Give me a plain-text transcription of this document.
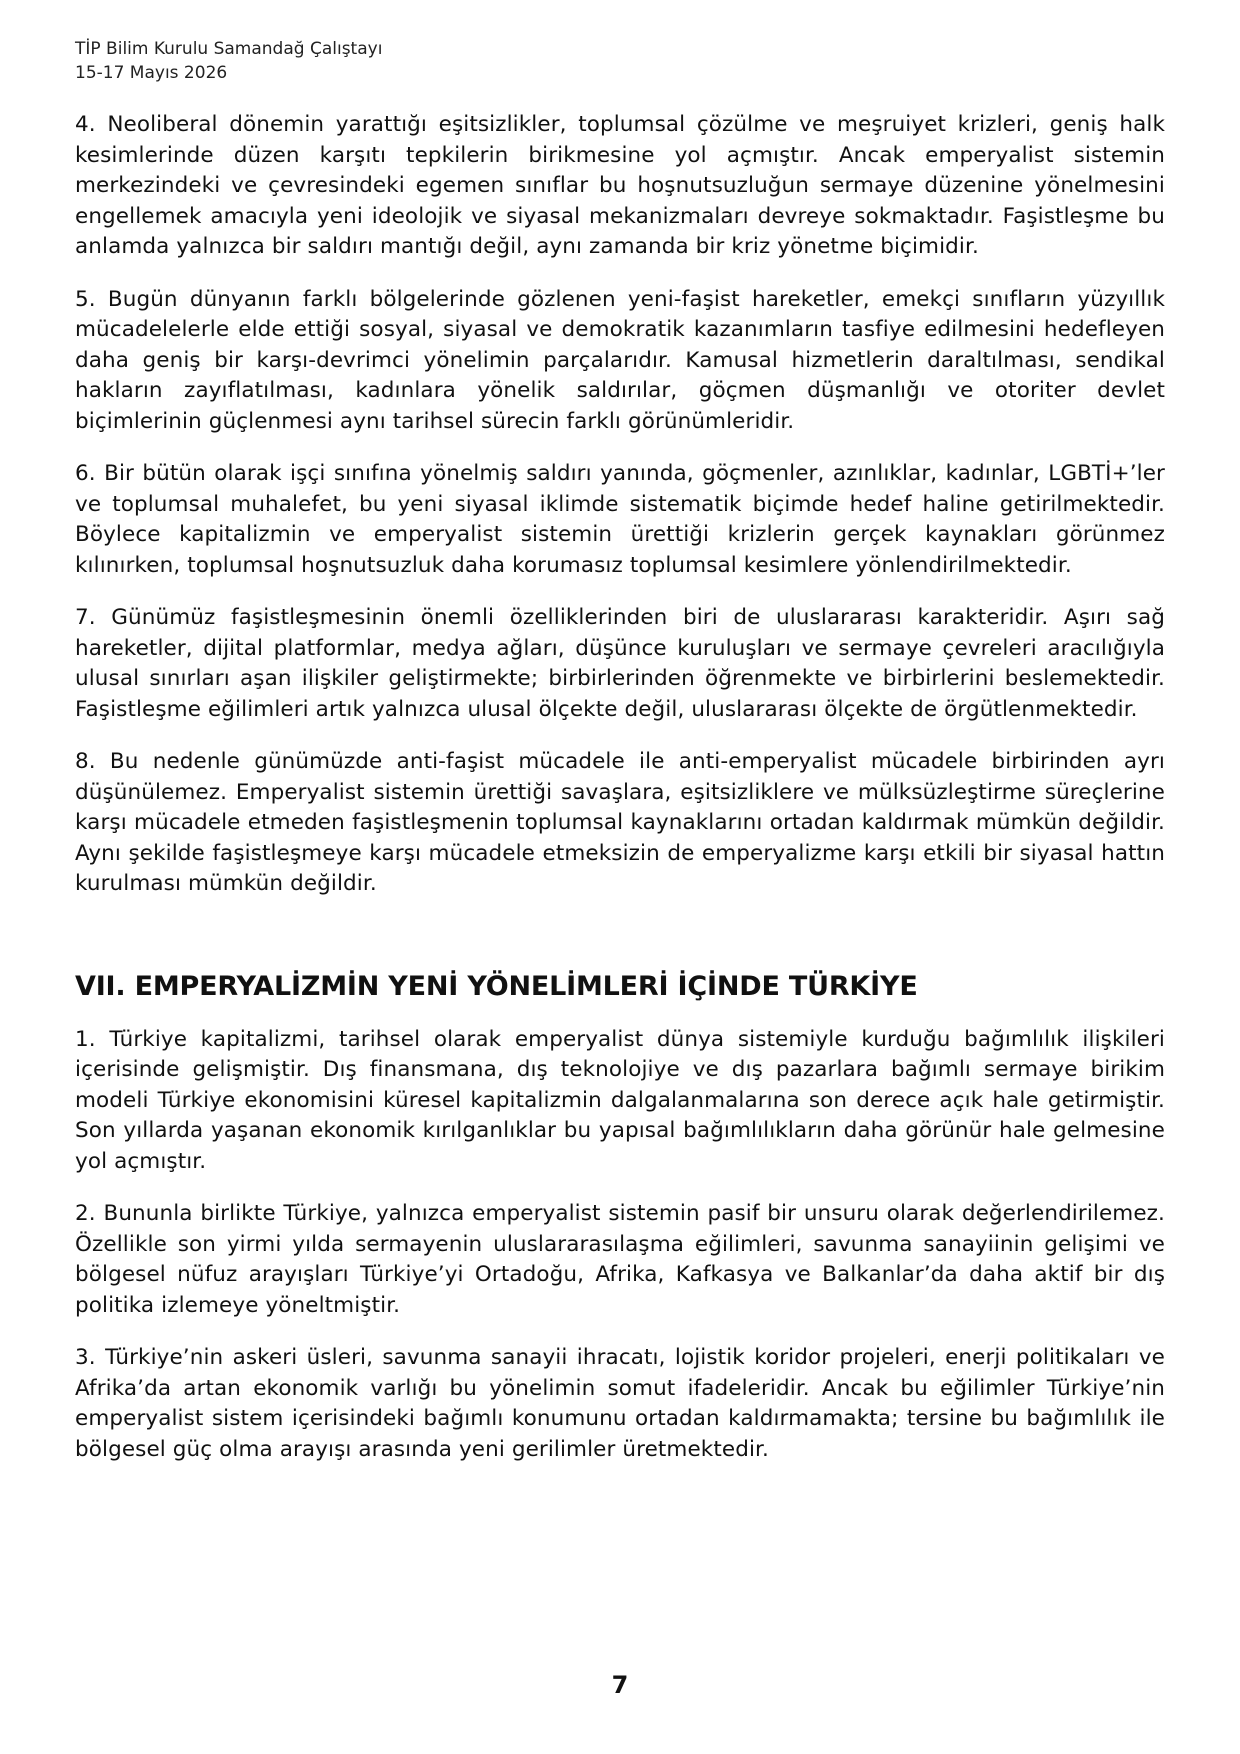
TİP Bilim Kurulu Samandağ Çalıştayı
15-17 Mayıs 2026

4. Neoliberal dönemin yarattığı eşitsizlikler, toplumsal çözülme ve meşruiyet krizleri, geniş halk kesimlerinde düzen karşıtı tepkilerin birikmesine yol açmıştır. Ancak emperyalist sistemin merkezindeki ve çevresindeki egemen sınıflar bu hoşnutsuzluğun sermaye düzenine yönelmesini engellemek amacıyla yeni ideolojik ve siyasal mekanizmaları devreye sokmaktadır. Faşistleşme bu anlamda yalnızca bir saldırı mantığı değil, aynı zamanda bir kriz yönetme biçimidir.

5. Bugün dünyanın farklı bölgelerinde gözlenen yeni-faşist hareketler, emekçi sınıfların yüzyıllık mücadelelerle elde ettiği sosyal, siyasal ve demokratik kazanımların tasfiye edilmesini hedefleyen daha geniş bir karşı-devrimci yönelimin parçalarıdır. Kamusal hizmetlerin daraltılması, sendikal hakların zayıflatılması, kadınlara yönelik saldırılar, göçmen düşmanlığı ve otoriter devlet biçimlerinin güçlenmesi aynı tarihsel sürecin farklı görünümleridir.

6. Bir bütün olarak işçi sınıfına yönelmiş saldırı yanında, göçmenler, azınlıklar, kadınlar, LGBTİ+’ler ve toplumsal muhalefet, bu yeni siyasal iklimde sistematik biçimde hedef haline getirilmektedir. Böylece kapitalizmin ve emperyalist sistemin ürettiği krizlerin gerçek kaynakları görünmez kılınırken, toplumsal hoşnutsuzluk daha korumasız toplumsal kesimlere yönlendirilmektedir.

7. Günümüz faşistleşmesinin önemli özelliklerinden biri de uluslararası karakteridir. Aşırı sağ hareketler, dijital platformlar, medya ağları, düşünce kuruluşları ve sermaye çevreleri aracılığıyla ulusal sınırları aşan ilişkiler geliştirmekte; birbirlerinden öğrenmekte ve birbirlerini beslemektedir. Faşistleşme eğilimleri artık yalnızca ulusal ölçekte değil, uluslararası ölçekte de örgütlenmektedir.

8. Bu nedenle günümüzde anti-faşist mücadele ile anti-emperyalist mücadele birbirinden ayrı düşünülemez. Emperyalist sistemin ürettiği savaşlara, eşitsizliklere ve mülksüzleştirme süreçlerine karşı mücadele etmeden faşistleşmenin toplumsal kaynaklarını ortadan kaldırmak mümkün değildir. Aynı şekilde faşistleşmeye karşı mücadele etmeksizin de emperyalizme karşı etkili bir siyasal hattın kurulması mümkün değildir.

VII. EMPERYALİZMİN YENİ YÖNELİMLERİ İÇİNDE TÜRKİYE

1. Türkiye kapitalizmi, tarihsel olarak emperyalist dünya sistemiyle kurduğu bağımlılık ilişkileri içerisinde gelişmiştir. Dış finansmana, dış teknolojiye ve dış pazarlara bağımlı sermaye birikim modeli Türkiye ekonomisini küresel kapitalizmin dalgalanmalarına son derece açık hale getirmiştir. Son yıllarda yaşanan ekonomik kırılganlıklar bu yapısal bağımlılıkların daha görünür hale gelmesine yol açmıştır.

2. Bununla birlikte Türkiye, yalnızca emperyalist sistemin pasif bir unsuru olarak değerlendirilemez. Özellikle son yirmi yılda sermayenin uluslararasılaşma eğilimleri, savunma sanayiinin gelişimi ve bölgesel nüfuz arayışları Türkiye’yi Ortadoğu, Afrika, Kafkasya ve Balkanlar’da daha aktif bir dış politika izlemeye yöneltmiştir.

3. Türkiye’nin askeri üsleri, savunma sanayii ihracatı, lojistik koridor projeleri, enerji politikaları ve Afrika’da artan ekonomik varlığı bu yönelimin somut ifadeleridir. Ancak bu eğilimler Türkiye’nin emperyalist sistem içerisindeki bağımlı konumunu ortadan kaldırmamakta; tersine bu bağımlılık ile bölgesel güç olma arayışı arasında yeni gerilimler üretmektedir.

7
